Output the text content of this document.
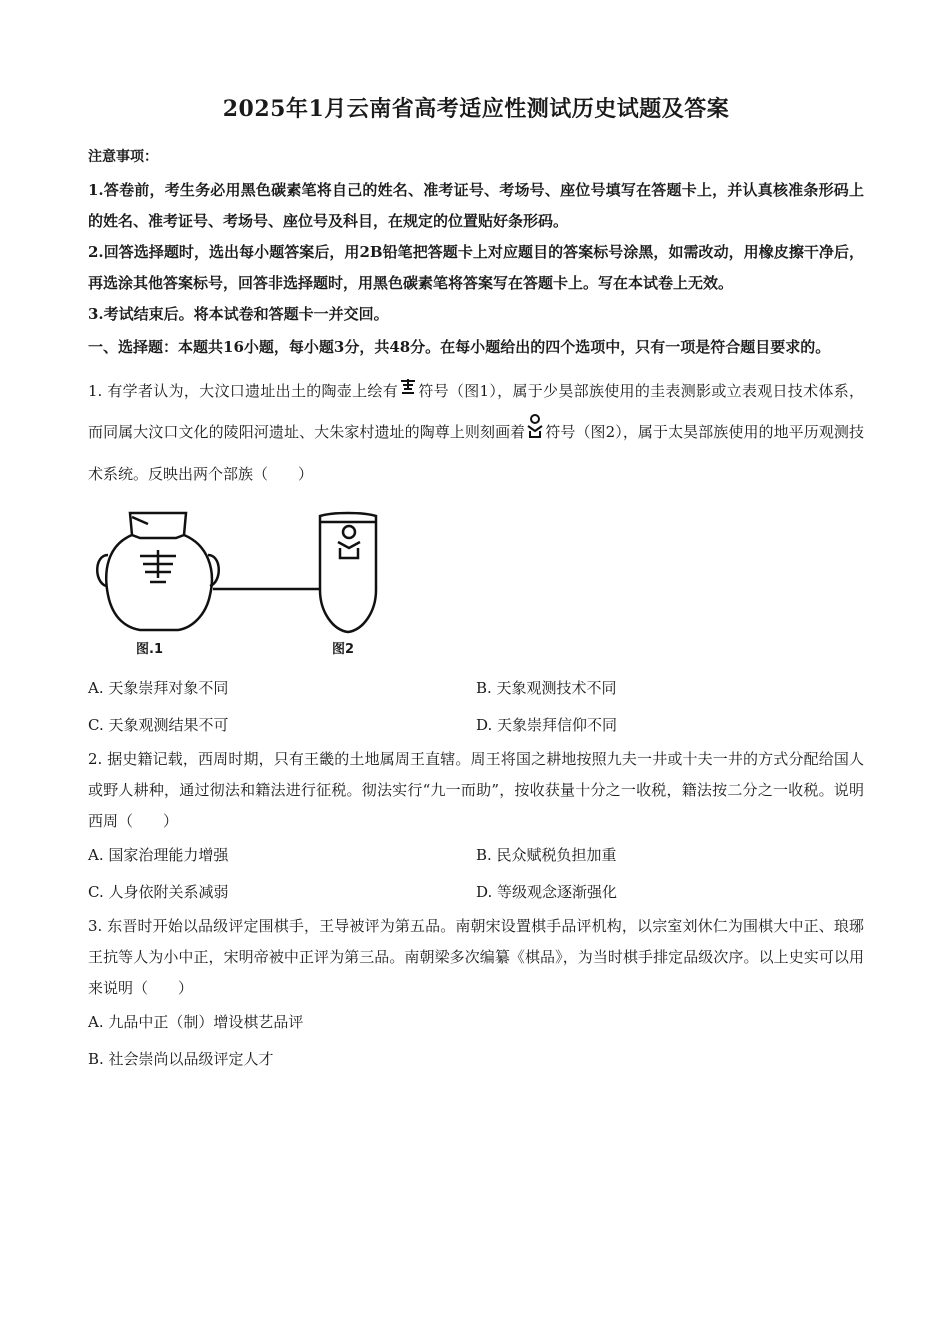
2025年1月云南省高考适应性测试历史试题及答案
注意事项：

1.答卷前，考生务必用黑色碳素笔将自己的姓名、准考证号、考场号、座位号填写在答题卡上，并认真核准条形码上的姓名、准考证号、考场号、座位号及科目，在规定的位置贴好条形码。

2.回答选择题时，选出每小题答案后，用2B铅笔把答题卡上对应题目的答案标号涂黑，如需改动，用橡皮擦干净后，再选涂其他答案标号，回答非选择题时，用黑色碳素笔将答案写在答题卡上。写在本试卷上无效。

3.考试结束后。将本试卷和答题卡一并交回。

一、选择题：本题共16小题，每小题3分，共48分。在每小题给出的四个选项中，只有一项是符合题目要求的。

1. 有学者认为，大汶口遗址出土的陶壶上绘有 符号（图1），属于少昊部族使用的圭表测影或立表观日技术体系，而同属大汶口文化的陵阳河遗址、大朱家村遗址的陶尊上则刻画着 符号（图2），属于太昊部族使用的地平历观测技术系统。反映出两个部族（　　）

图.1	图2
A. 天象崇拜对象不同	B. 天象观测技术不同
C. 天象观测结果不可	D. 天象崇拜信仰不同

2. 据史籍记载，西周时期，只有王畿的土地属周王直辖。周王将国之耕地按照九夫一井或十夫一井的方式分配给国人或野人耕种，通过彻法和籍法进行征税。彻法实行“九一而助”，按收获量十分之一收税，籍法按二分之一收税。说明西周（　　）

A. 国家治理能力增强	B. 民众赋税负担加重
C. 人身依附关系减弱	D. 等级观念逐渐强化

3. 东晋时开始以品级评定围棋手，王导被评为第五品。南朝宋设置棋手品评机构，以宗室刘休仁为围棋大中正、琅琊王抗等人为小中正，宋明帝被中正评为第三品。南朝梁多次编纂《棋品》，为当时棋手排定品级次序。以上史实可以用来说明（　　）

A. 九品中正（制）增设棋艺品评
B. 社会崇尚以品级评定人才
